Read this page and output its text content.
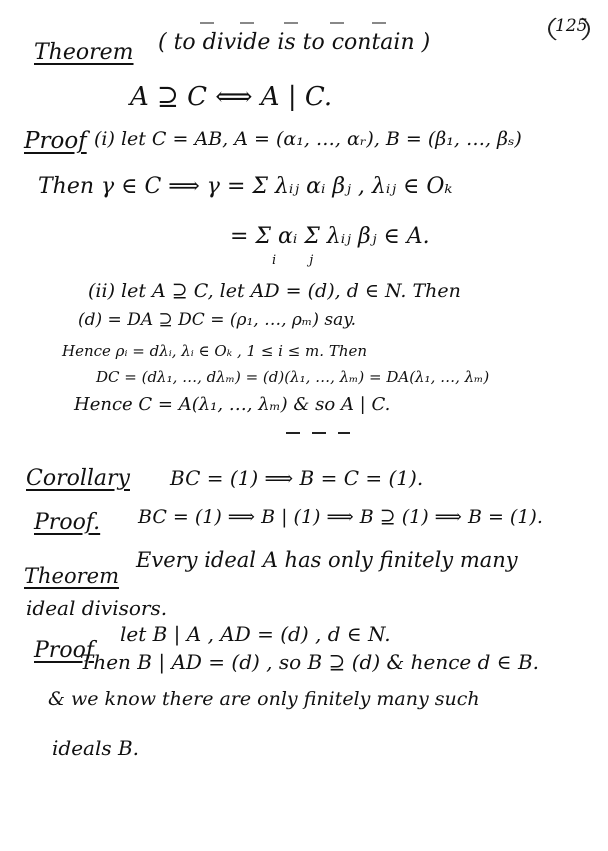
125
Theorem ( to divide is to contain )
A ⊇ C ⟺ A | C.
Proof (i) let C = AB, A = (α₁, …, αᵣ), B = (β₁, …, βₛ)
Then γ ∈ C ⟹ γ = Σ λᵢⱼ αᵢ βⱼ , λᵢⱼ ∈ Oₖ
= Σ αᵢ Σ λᵢⱼ βⱼ ∈ A.
i        j
(ii) let A ⊇ C, let AD = (d), d ∈ N. Then
(d) = DA ⊇ DC = (ρ₁, …, ρₘ) say.
Hence ρᵢ = dλᵢ, λᵢ ∈ Oₖ , 1 ≤ i ≤ m. Then
DC = (dλ₁, …, dλₘ) = (d)(λ₁, …, λₘ) = DA(λ₁, …, λₘ)
Hence C = A(λ₁, …, λₘ) & so A | C.
Corollary BC = (1) ⟹ B = C = (1).
Proof. BC = (1) ⟹ B | (1) ⟹ B ⊇ (1) ⟹ B = (1).
Theorem
Every ideal A has only finitely many
ideal divisors.
Proof
let B | A , AD = (d) , d ∈ N.
Then B | AD = (d) , so B ⊇ (d) & hence d ∈ B.
& we know there are only finitely many such
ideals B.
